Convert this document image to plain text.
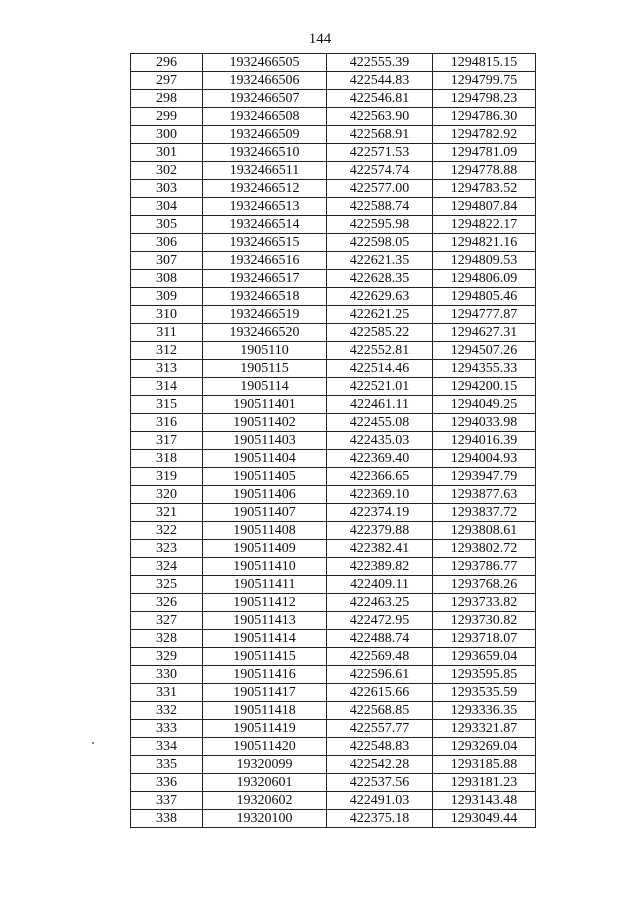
144
296	1932466505	422555.39	1294815.15
297	1932466506	422544.83	1294799.75
298	1932466507	422546.81	1294798.23
299	1932466508	422563.90	1294786.30
300	1932466509	422568.91	1294782.92
301	1932466510	422571.53	1294781.09
302	1932466511	422574.74	1294778.88
303	1932466512	422577.00	1294783.52
304	1932466513	422588.74	1294807.84
305	1932466514	422595.98	1294822.17
306	1932466515	422598.05	1294821.16
307	1932466516	422621.35	1294809.53
308	1932466517	422628.35	1294806.09
309	1932466518	422629.63	1294805.46
310	1932466519	422621.25	1294777.87
311	1932466520	422585.22	1294627.31
312	1905110	422552.81	1294507.26
313	1905115	422514.46	1294355.33
314	1905114	422521.01	1294200.15
315	190511401	422461.11	1294049.25
316	190511402	422455.08	1294033.98
317	190511403	422435.03	1294016.39
318	190511404	422369.40	1294004.93
319	190511405	422366.65	1293947.79
320	190511406	422369.10	1293877.63
321	190511407	422374.19	1293837.72
322	190511408	422379.88	1293808.61
323	190511409	422382.41	1293802.72
324	190511410	422389.82	1293786.77
325	190511411	422409.11	1293768.26
326	190511412	422463.25	1293733.82
327	190511413	422472.95	1293730.82
328	190511414	422488.74	1293718.07
329	190511415	422569.48	1293659.04
330	190511416	422596.61	1293595.85
331	190511417	422615.66	1293535.59
332	190511418	422568.85	1293336.35
333	190511419	422557.77	1293321.87
334	190511420	422548.83	1293269.04
335	19320099	422542.28	1293185.88
336	19320601	422537.56	1293181.23
337	19320602	422491.03	1293143.48
338	19320100	422375.18	1293049.44
